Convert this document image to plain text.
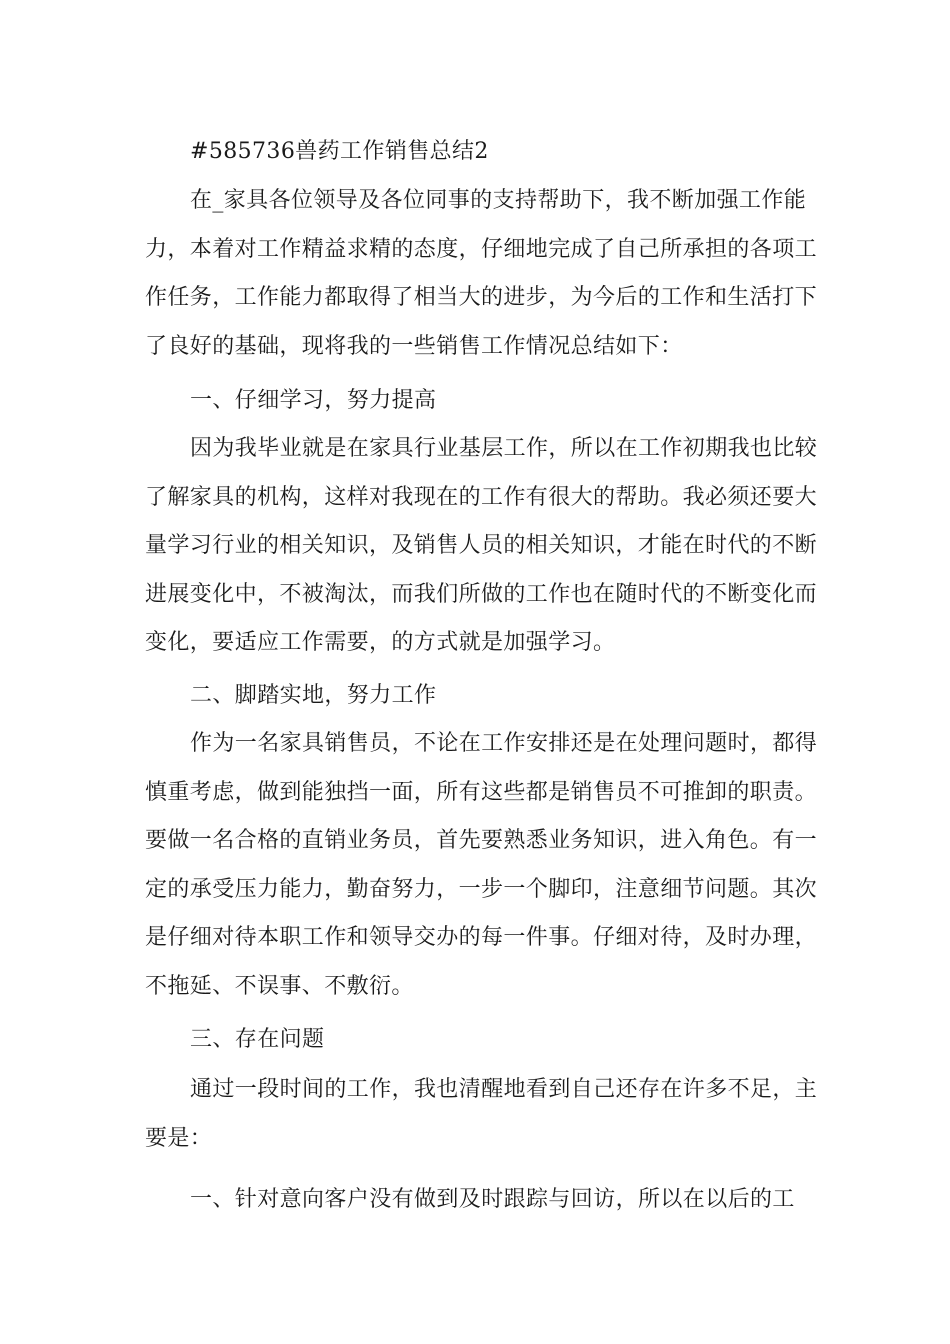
#585736兽药工作销售总结2

在_家具各位领导及各位同事的支持帮助下，我不断加强工作能力，本着对工作精益求精的态度，仔细地完成了自己所承担的各项工作任务，工作能力都取得了相当大的进步，为今后的工作和生活打下了良好的基础，现将我的一些销售工作情况总结如下：

一、仔细学习，努力提高

因为我毕业就是在家具行业基层工作，所以在工作初期我也比较了解家具的机构，这样对我现在的工作有很大的帮助。我必须还要大量学习行业的相关知识，及销售人员的相关知识，才能在时代的不断进展变化中，不被淘汰，而我们所做的工作也在随时代的不断变化而变化，要适应工作需要，的方式就是加强学习。

二、脚踏实地，努力工作

作为一名家具销售员，不论在工作安排还是在处理问题时，都得慎重考虑，做到能独挡一面，所有这些都是销售员不可推卸的职责。要做一名合格的直销业务员，首先要熟悉业务知识，进入角色。有一定的承受压力能力，勤奋努力，一步一个脚印，注意细节问题。其次是仔细对待本职工作和领导交办的每一件事。仔细对待，及时办理，不拖延、不误事、不敷衍。

三、存在问题

通过一段时间的工作，我也清醒地看到自己还存在许多不足，主要是：

一、针对意向客户没有做到及时跟踪与回访，所以在以后的工
